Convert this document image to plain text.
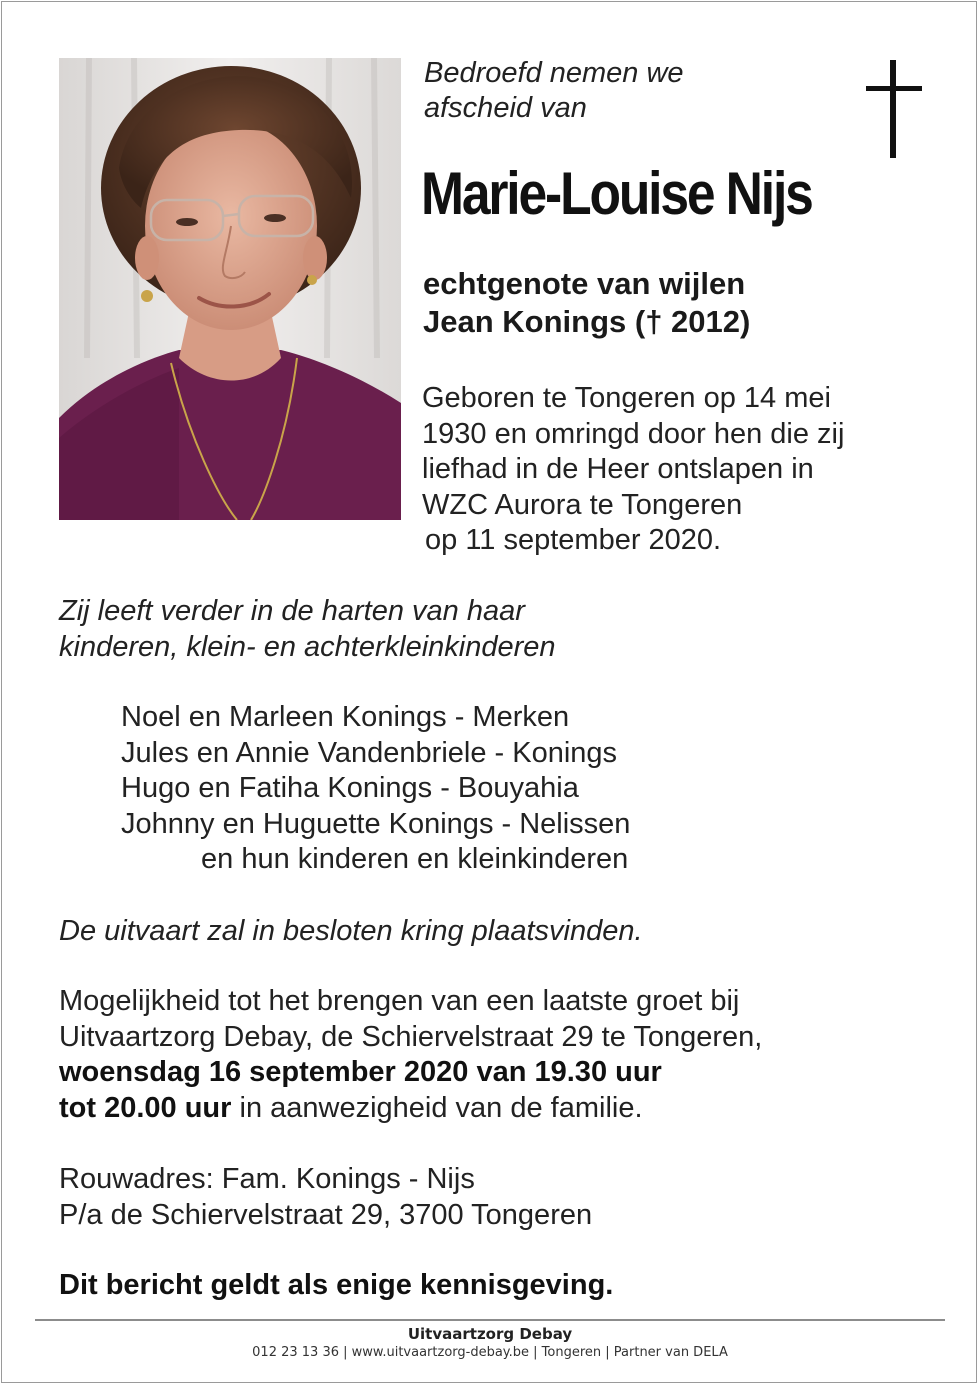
Bedroefd nemen we
afscheid van
Marie-Louise Nijs
echtgenote van wijlen
Jean Konings († 2012)
Geboren te Tongeren op 14 mei
1930 en omringd door hen die zij
liefhad in de Heer ontslapen in
WZC Aurora te Tongeren
op 11 september 2020.
Zij leeft verder in de harten van haar
kinderen, klein- en achterkleinkinderen
Noel en Marleen Konings - Merken
Jules en Annie Vandenbriele - Konings
Hugo en Fatiha Konings - Bouyahia
Johnny en Huguette Konings - Nelissen
en hun kinderen en kleinkinderen
De uitvaart zal in besloten kring plaatsvinden.
Mogelijkheid tot het brengen van een laatste groet bij
Uitvaartzorg Debay, de Schiervelstraat 29 te Tongeren,
woensdag 16 september 2020 van 19.30 uur
tot 20.00 uur in aanwezigheid van de familie.
Rouwadres: Fam. Konings - Nijs
P/a de Schiervelstraat 29, 3700 Tongeren
Dit bericht geldt als enige kennisgeving.
Uitvaartzorg Debay
012 23 13 36 | www.uitvaartzorg-debay.be | Tongeren | Partner van DELA
